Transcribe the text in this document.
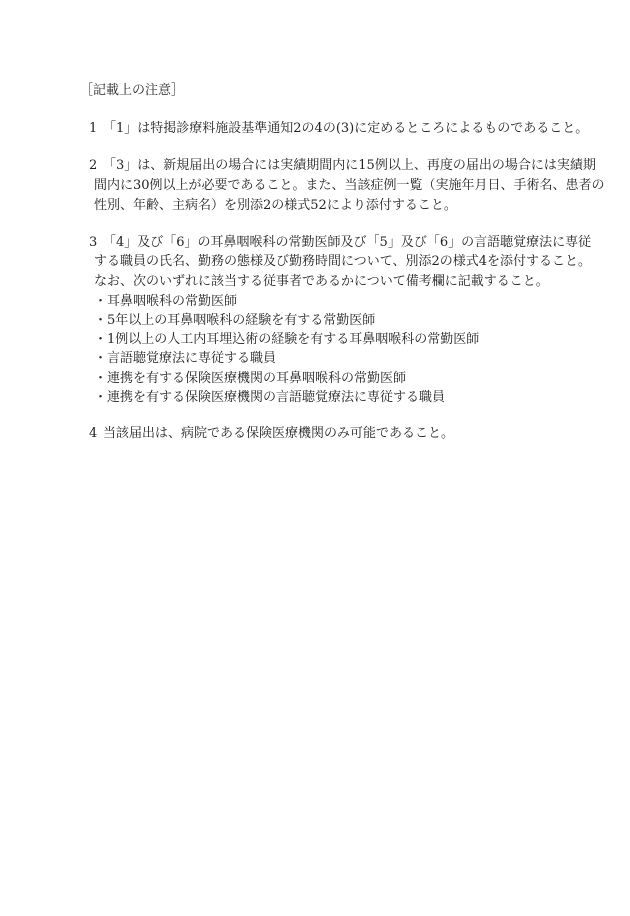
［記載上の注意］
1 「1」は特掲診療料施設基準通知2の4の(3)に定めるところによるものであること。
2 「3」は、新規届出の場合には実績期間内に15例以上、再度の届出の場合には実績期
間内に30例以上が必要であること。また、当該症例一覧（実施年月日、手術名、患者の
性別、年齢、主病名）を別添2の様式52により添付すること。
3 「4」及び「6」の耳鼻咽喉科の常勤医師及び「5」及び「6」の言語聴覚療法に専従
する職員の氏名、勤務の態様及び勤務時間について、別添2の様式4を添付すること。
なお、次のいずれに該当する従事者であるかについて備考欄に記載すること。
・耳鼻咽喉科の常勤医師
・5年以上の耳鼻咽喉科の経験を有する常勤医師
・1例以上の人工内耳埋込術の経験を有する耳鼻咽喉科の常勤医師
・言語聴覚療法に専従する職員
・連携を有する保険医療機関の耳鼻咽喉科の常勤医師
・連携を有する保険医療機関の言語聴覚療法に専従する職員
4 当該届出は、病院である保険医療機関のみ可能であること。
